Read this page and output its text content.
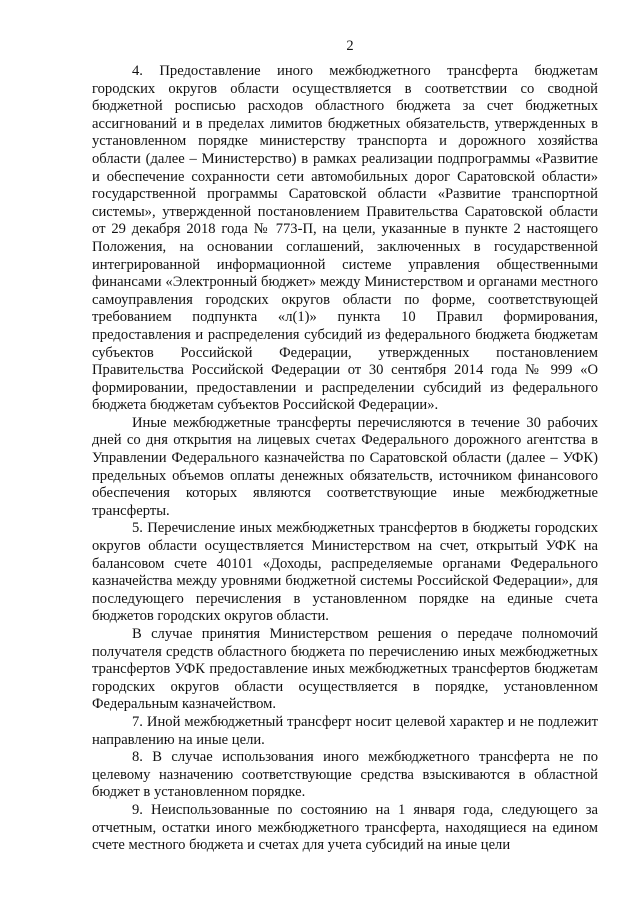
2

4. Предоставление иного межбюджетного трансферта бюджетам городских округов области осуществляется в соответствии со сводной бюджетной росписью расходов областного бюджета за счет бюджетных ассигнований и в пределах лимитов бюджетных обязательств, утвержденных в установленном порядке министерству транспорта и дорожного хозяйства области (далее – Министерство) в рамках реализации подпрограммы «Развитие и обеспечение сохранности сети автомобильных дорог Саратовской области» государственной программы Саратовской области «Развитие транспортной системы», утвержденной постановлением Правительства Саратовской области от 29 декабря 2018 года № 773-П, на цели, указанные в пункте 2 настоящего Положения, на основании соглашений, заключенных в государственной интегрированной информационной системе управления общественными финансами «Электронный бюджет» между Министерством и органами местного самоуправления городских округов области по форме, соответствующей требованием подпункта «л(1)» пункта 10 Правил формирования, предоставления и распределения субсидий из федерального бюджета бюджетам субъектов Российской Федерации, утвержденных постановлением Правительства Российской Федерации от 30 сентября 2014 года № 999 «О формировании, предоставлении и распределении субсидий из федерального бюджета бюджетам субъектов Российской Федерации».

Иные межбюджетные трансферты перечисляются в течение 30 рабочих дней со дня открытия на лицевых счетах Федерального дорожного агентства в Управлении Федерального казначейства по Саратовской области (далее – УФК) предельных объемов оплаты денежных обязательств, источником финансового обеспечения которых являются соответствующие иные межбюджетные трансферты.

5. Перечисление иных межбюджетных трансфертов в бюджеты городских округов области осуществляется Министерством на счет, открытый УФК на балансовом счете 40101 «Доходы, распределяемые органами Федерального казначейства между уровнями бюджетной системы Российской Федерации», для последующего перечисления в установленном порядке на единые счета бюджетов городских округов области.

В случае принятия Министерством решения о передаче полномочий получателя средств областного бюджета по перечислению иных межбюджетных трансфертов УФК предоставление иных межбюджетных трансфертов бюджетам городских округов области осуществляется в порядке, установленном Федеральным казначейством.

7. Иной межбюджетный трансферт носит целевой характер и не подлежит направлению на иные цели.

8. В случае использования иного межбюджетного трансферта не по целевому назначению соответствующие средства взыскиваются в областной бюджет в установленном порядке.

9. Неиспользованные по состоянию на 1 января года, следующего за отчетным, остатки иного межбюджетного трансферта, находящиеся на едином счете местного бюджета и счетах для учета субсидий на иные цели
